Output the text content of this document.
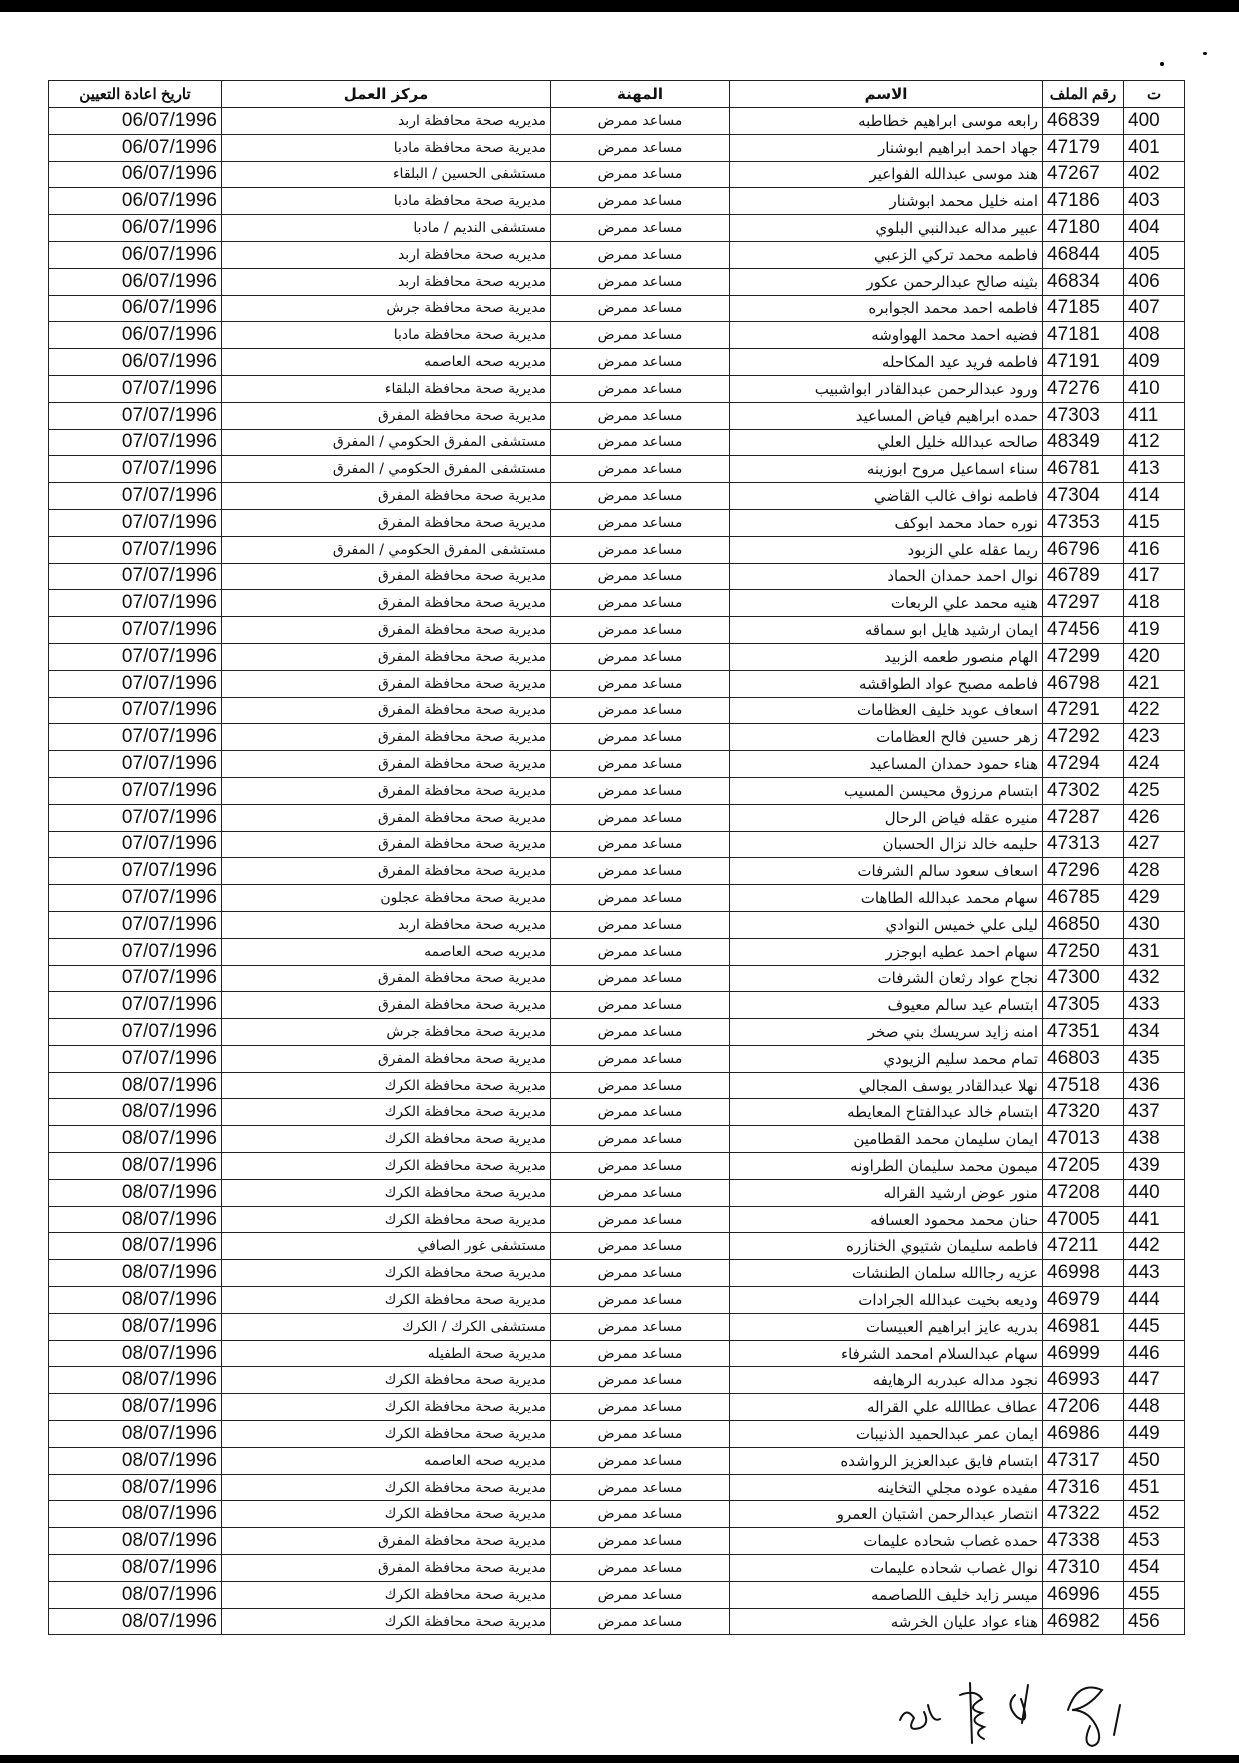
ت	رقم الملف	الاسم	المهنة	مركز العمل	تاريخ اعادة التعيين
400	46839	رابعه موسى ابراهيم خطاطبه	مساعد ممرض	مديريه صحة محافظة اربد	06/07/1996
401	47179	جهاد احمد ابراهيم ابوشنار	مساعد ممرض	مديرية صحة محافظة مادبا	06/07/1996
402	47267	هند موسى عبدالله الفواعير	مساعد ممرض	مستشفى الحسين / البلقاء	06/07/1996
403	47186	امنه خليل محمد ابوشنار	مساعد ممرض	مديرية صحة محافظة مادبا	06/07/1996
404	47180	عبير مداله عبدالنبي البلوي	مساعد ممرض	مستشفى النديم / مادبا	06/07/1996
405	46844	فاطمه محمد تركي الزعبي	مساعد ممرض	مديريه صحة محافظة اربد	06/07/1996
406	46834	بثينه صالح عبدالرحمن عكور	مساعد ممرض	مديريه صحة محافظة اربد	06/07/1996
407	47185	فاطمه احمد محمد الجوابره	مساعد ممرض	مديرية صحة محافظة جرش	06/07/1996
408	47181	فضيه احمد محمد الهواوشه	مساعد ممرض	مديرية صحة محافظة مادبا	06/07/1996
409	47191	فاطمه فريد عيد المكاحله	مساعد ممرض	مديريه صحه العاصمه	06/07/1996
410	47276	ورود عبدالرحمن عبدالقادر ابواشبيب	مساعد ممرض	مديرية صحة محافظة البلقاء	07/07/1996
411	47303	حمده ابراهيم فياض المساعيد	مساعد ممرض	مديرية صحة محافظة المفرق	07/07/1996
412	48349	صالحه عبدالله خليل العلي	مساعد ممرض	مستشفى المفرق الحكومي / المفرق	07/07/1996
413	46781	سناء اسماعيل مروح ابوزينه	مساعد ممرض	مستشفى المفرق الحكومي / المفرق	07/07/1996
414	47304	فاطمه نواف غالب القاضي	مساعد ممرض	مديرية صحة محافظة المفرق	07/07/1996
415	47353	نوره حماد محمد ابوكف	مساعد ممرض	مديرية صحة محافظة المفرق	07/07/1996
416	46796	ريما عقله علي الزبود	مساعد ممرض	مستشفى المفرق الحكومي / المفرق	07/07/1996
417	46789	نوال احمد حمدان الحماد	مساعد ممرض	مديرية صحة محافظة المفرق	07/07/1996
418	47297	هنيه محمد علي الربعات	مساعد ممرض	مديرية صحة محافظة المفرق	07/07/1996
419	47456	ايمان ارشيد هايل ابو سماقه	مساعد ممرض	مديرية صحة محافظة المفرق	07/07/1996
420	47299	الهام منصور طعمه الزبيد	مساعد ممرض	مديرية صحة محافظة المفرق	07/07/1996
421	46798	فاطمه مصبح عواد الطواقشه	مساعد ممرض	مديرية صحة محافظة المفرق	07/07/1996
422	47291	اسعاف عويد خليف العظامات	مساعد ممرض	مديرية صحة محافظة المفرق	07/07/1996
423	47292	زهر حسين فالح العظامات	مساعد ممرض	مديرية صحة محافظة المفرق	07/07/1996
424	47294	هناء حمود حمدان المساعيد	مساعد ممرض	مديرية صحة محافظة المفرق	07/07/1996
425	47302	ابتسام مرزوق محيسن المسيب	مساعد ممرض	مديرية صحة محافظة المفرق	07/07/1996
426	47287	منيره عقله فياض الرحال	مساعد ممرض	مديرية صحة محافظة المفرق	07/07/1996
427	47313	حليمه خالد نزال الحسبان	مساعد ممرض	مديرية صحة محافظة المفرق	07/07/1996
428	47296	اسعاف سعود سالم الشرفات	مساعد ممرض	مديرية صحة محافظة المفرق	07/07/1996
429	46785	سهام محمد عبدالله الطاهات	مساعد ممرض	مديرية صحة محافظة عجلون	07/07/1996
430	46850	ليلى علي خميس النوادي	مساعد ممرض	مديريه صحة محافظة اربد	07/07/1996
431	47250	سهام احمد عطيه ابوجزر	مساعد ممرض	مديريه صحه العاصمه	07/07/1996
432	47300	نجاح عواد رثعان الشرفات	مساعد ممرض	مديرية صحة محافظة المفرق	07/07/1996
433	47305	ابتسام عيد سالم معيوف	مساعد ممرض	مديرية صحة محافظة المفرق	07/07/1996
434	47351	امنه زايد سريسك بني صخر	مساعد ممرض	مديرية صحة محافظة جرش	07/07/1996
435	46803	تمام محمد سليم الزيودي	مساعد ممرض	مديرية صحة محافظة المفرق	07/07/1996
436	47518	نهلا عبدالقادر يوسف المجالي	مساعد ممرض	مديرية صحة محافظة الكرك	08/07/1996
437	47320	ابتسام خالد عبدالفتاح المعايطه	مساعد ممرض	مديرية صحة محافظة الكرك	08/07/1996
438	47013	ايمان سليمان محمد القطامين	مساعد ممرض	مديرية صحة محافظة الكرك	08/07/1996
439	47205	ميمون محمد سليمان الطراونه	مساعد ممرض	مديرية صحة محافظة الكرك	08/07/1996
440	47208	منور عوض ارشيد القراله	مساعد ممرض	مديرية صحة محافظة الكرك	08/07/1996
441	47005	حنان محمد محمود العسافه	مساعد ممرض	مديرية صحة محافظة الكرك	08/07/1996
442	47211	فاطمه سليمان شتيوي الخنازره	مساعد ممرض	مستشفى غور الصافي	08/07/1996
443	46998	عزيه رجاالله سلمان الطنشات	مساعد ممرض	مديرية صحة محافظة الكرك	08/07/1996
444	46979	وديعه بخيت عبدالله الجرادات	مساعد ممرض	مديرية صحة محافظة الكرك	08/07/1996
445	46981	بدريه عايز ابراهيم العبيسات	مساعد ممرض	مستشفى الكرك / الكرك	08/07/1996
446	46999	سهام عبدالسلام امحمد الشرفاء	مساعد ممرض	مديرية صحة الطفيله	08/07/1996
447	46993	نجود مداله عبدربه الرهايفه	مساعد ممرض	مديرية صحة محافظة الكرك	08/07/1996
448	47206	عطاف عطاالله علي القراله	مساعد ممرض	مديرية صحة محافظة الكرك	08/07/1996
449	46986	ايمان عمر عبدالحميد الذنيبات	مساعد ممرض	مديرية صحة محافظة الكرك	08/07/1996
450	47317	ابتسام فايق عبدالعزيز الرواشده	مساعد ممرض	مديريه صحه العاصمه	08/07/1996
451	47316	مفيده عوده مجلي التخاينه	مساعد ممرض	مديرية صحة محافظة الكرك	08/07/1996
452	47322	انتصار عبدالرحمن اشتيان العمرو	مساعد ممرض	مديرية صحة محافظة الكرك	08/07/1996
453	47338	حمده غصاب شحاده عليمات	مساعد ممرض	مديرية صحة محافظة المفرق	08/07/1996
454	47310	نوال غصاب شحاده عليمات	مساعد ممرض	مديرية صحة محافظة المفرق	08/07/1996
455	46996	ميسر زايد خليف اللصاصمه	مساعد ممرض	مديرية صحة محافظة الكرك	08/07/1996
456	46982	هناء عواد عليان الخرشه	مساعد ممرض	مديرية صحة محافظة الكرك	08/07/1996
